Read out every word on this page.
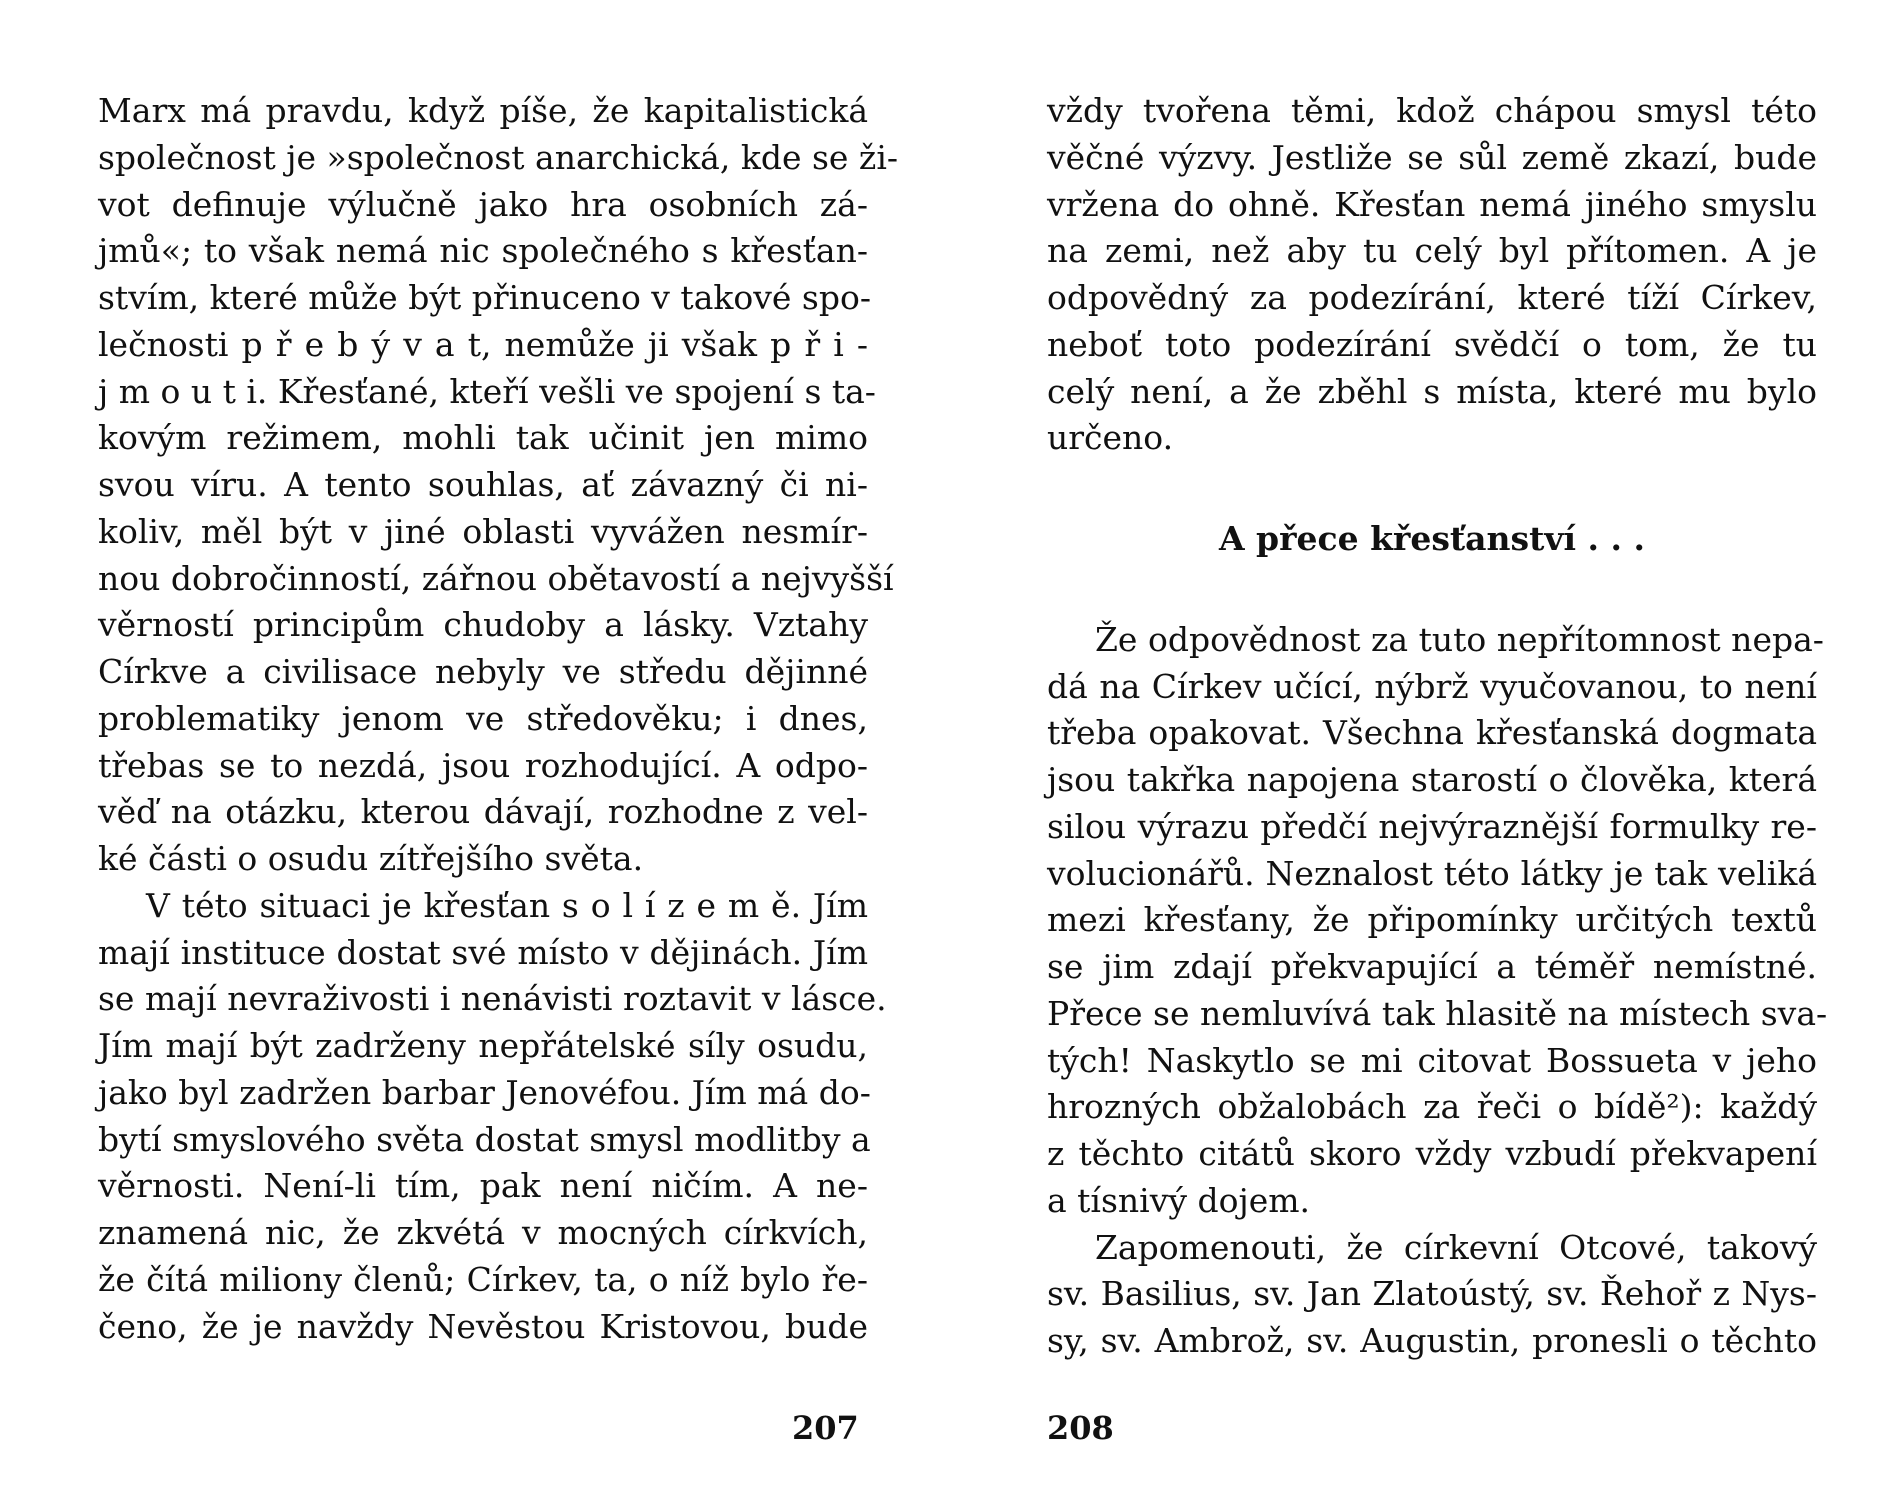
Marx má pravdu, když píše, že kapitalistická
společnost je »společnost anarchická, kde se ži-
vot definuje výlučně jako hra osobních zá-
jmů«; to však nemá nic společného s křesťan-
stvím, které může být přinuceno v takové spo-
lečnosti p ř e b ý v a t, nemůže ji však p ř i -
j m o u t i. Křesťané, kteří vešli ve spojení s ta-
kovým režimem, mohli tak učinit jen mimo
svou víru. A tento souhlas, ať závazný či ni-
koliv, měl být v jiné oblasti vyvážen nesmír-
nou dobročinností, zářnou obětavostí a nejvyšší
věrností principům chudoby a lásky. Vztahy
Církve a civilisace nebyly ve středu dějinné
problematiky jenom ve středověku; i dnes,
třebas se to nezdá, jsou rozhodující. A odpo-
věď na otázku, kterou dávají, rozhodne z vel-
ké části o osudu zítřejšího světa.
V této situaci je křesťan s o l í z e m ě. Jím
mají instituce dostat své místo v dějinách. Jím
se mají nevraživosti i nenávisti roztavit v lásce.
Jím mají být zadrženy nepřátelské síly osudu,
jako byl zadržen barbar Jenovéfou. Jím má do-
bytí smyslového světa dostat smysl modlitby a
věrnosti. Není-li tím, pak není ničím. A ne-
znamená nic, že zkvétá v mocných církvích,
že čítá miliony členů; Církev, ta, o níž bylo ře-
čeno, že je navždy Nevěstou Kristovou, bude
207
vždy tvořena těmi, kdož chápou smysl této
věčné výzvy. Jestliže se sůl země zkazí, bude
vržena do ohně. Křesťan nemá jiného smyslu
na zemi, než aby tu celý byl přítomen. A je
odpovědný za podezírání, které tíží Církev,
neboť toto podezírání svědčí o tom, že tu
celý není, a že zběhl s místa, které mu bylo
určeno.
A přece křesťanství . . .
Že odpovědnost za tuto nepřítomnost nepa-
dá na Církev učící, nýbrž vyučovanou, to není
třeba opakovat. Všechna křesťanská dogmata
jsou takřka napojena starostí o člověka, která
silou výrazu předčí nejvýraznější formulky re-
volucionářů. Neznalost této látky je tak veliká
mezi křesťany, že připomínky určitých textů
se jim zdají překvapující a téměř nemístné.
Přece se nemluvívá tak hlasitě na místech sva-
tých! Naskytlo se mi citovat Bossueta v jeho
hrozných obžalobách za řeči o bídě²): každý
z těchto citátů skoro vždy vzbudí překvapení
a tísnivý dojem.
Zapomenouti, že církevní Otcové, takový
sv. Basilius, sv. Jan Zlatoústý, sv. Řehoř z Nys-
sy, sv. Ambrož, sv. Augustin, pronesli o těchto
208
